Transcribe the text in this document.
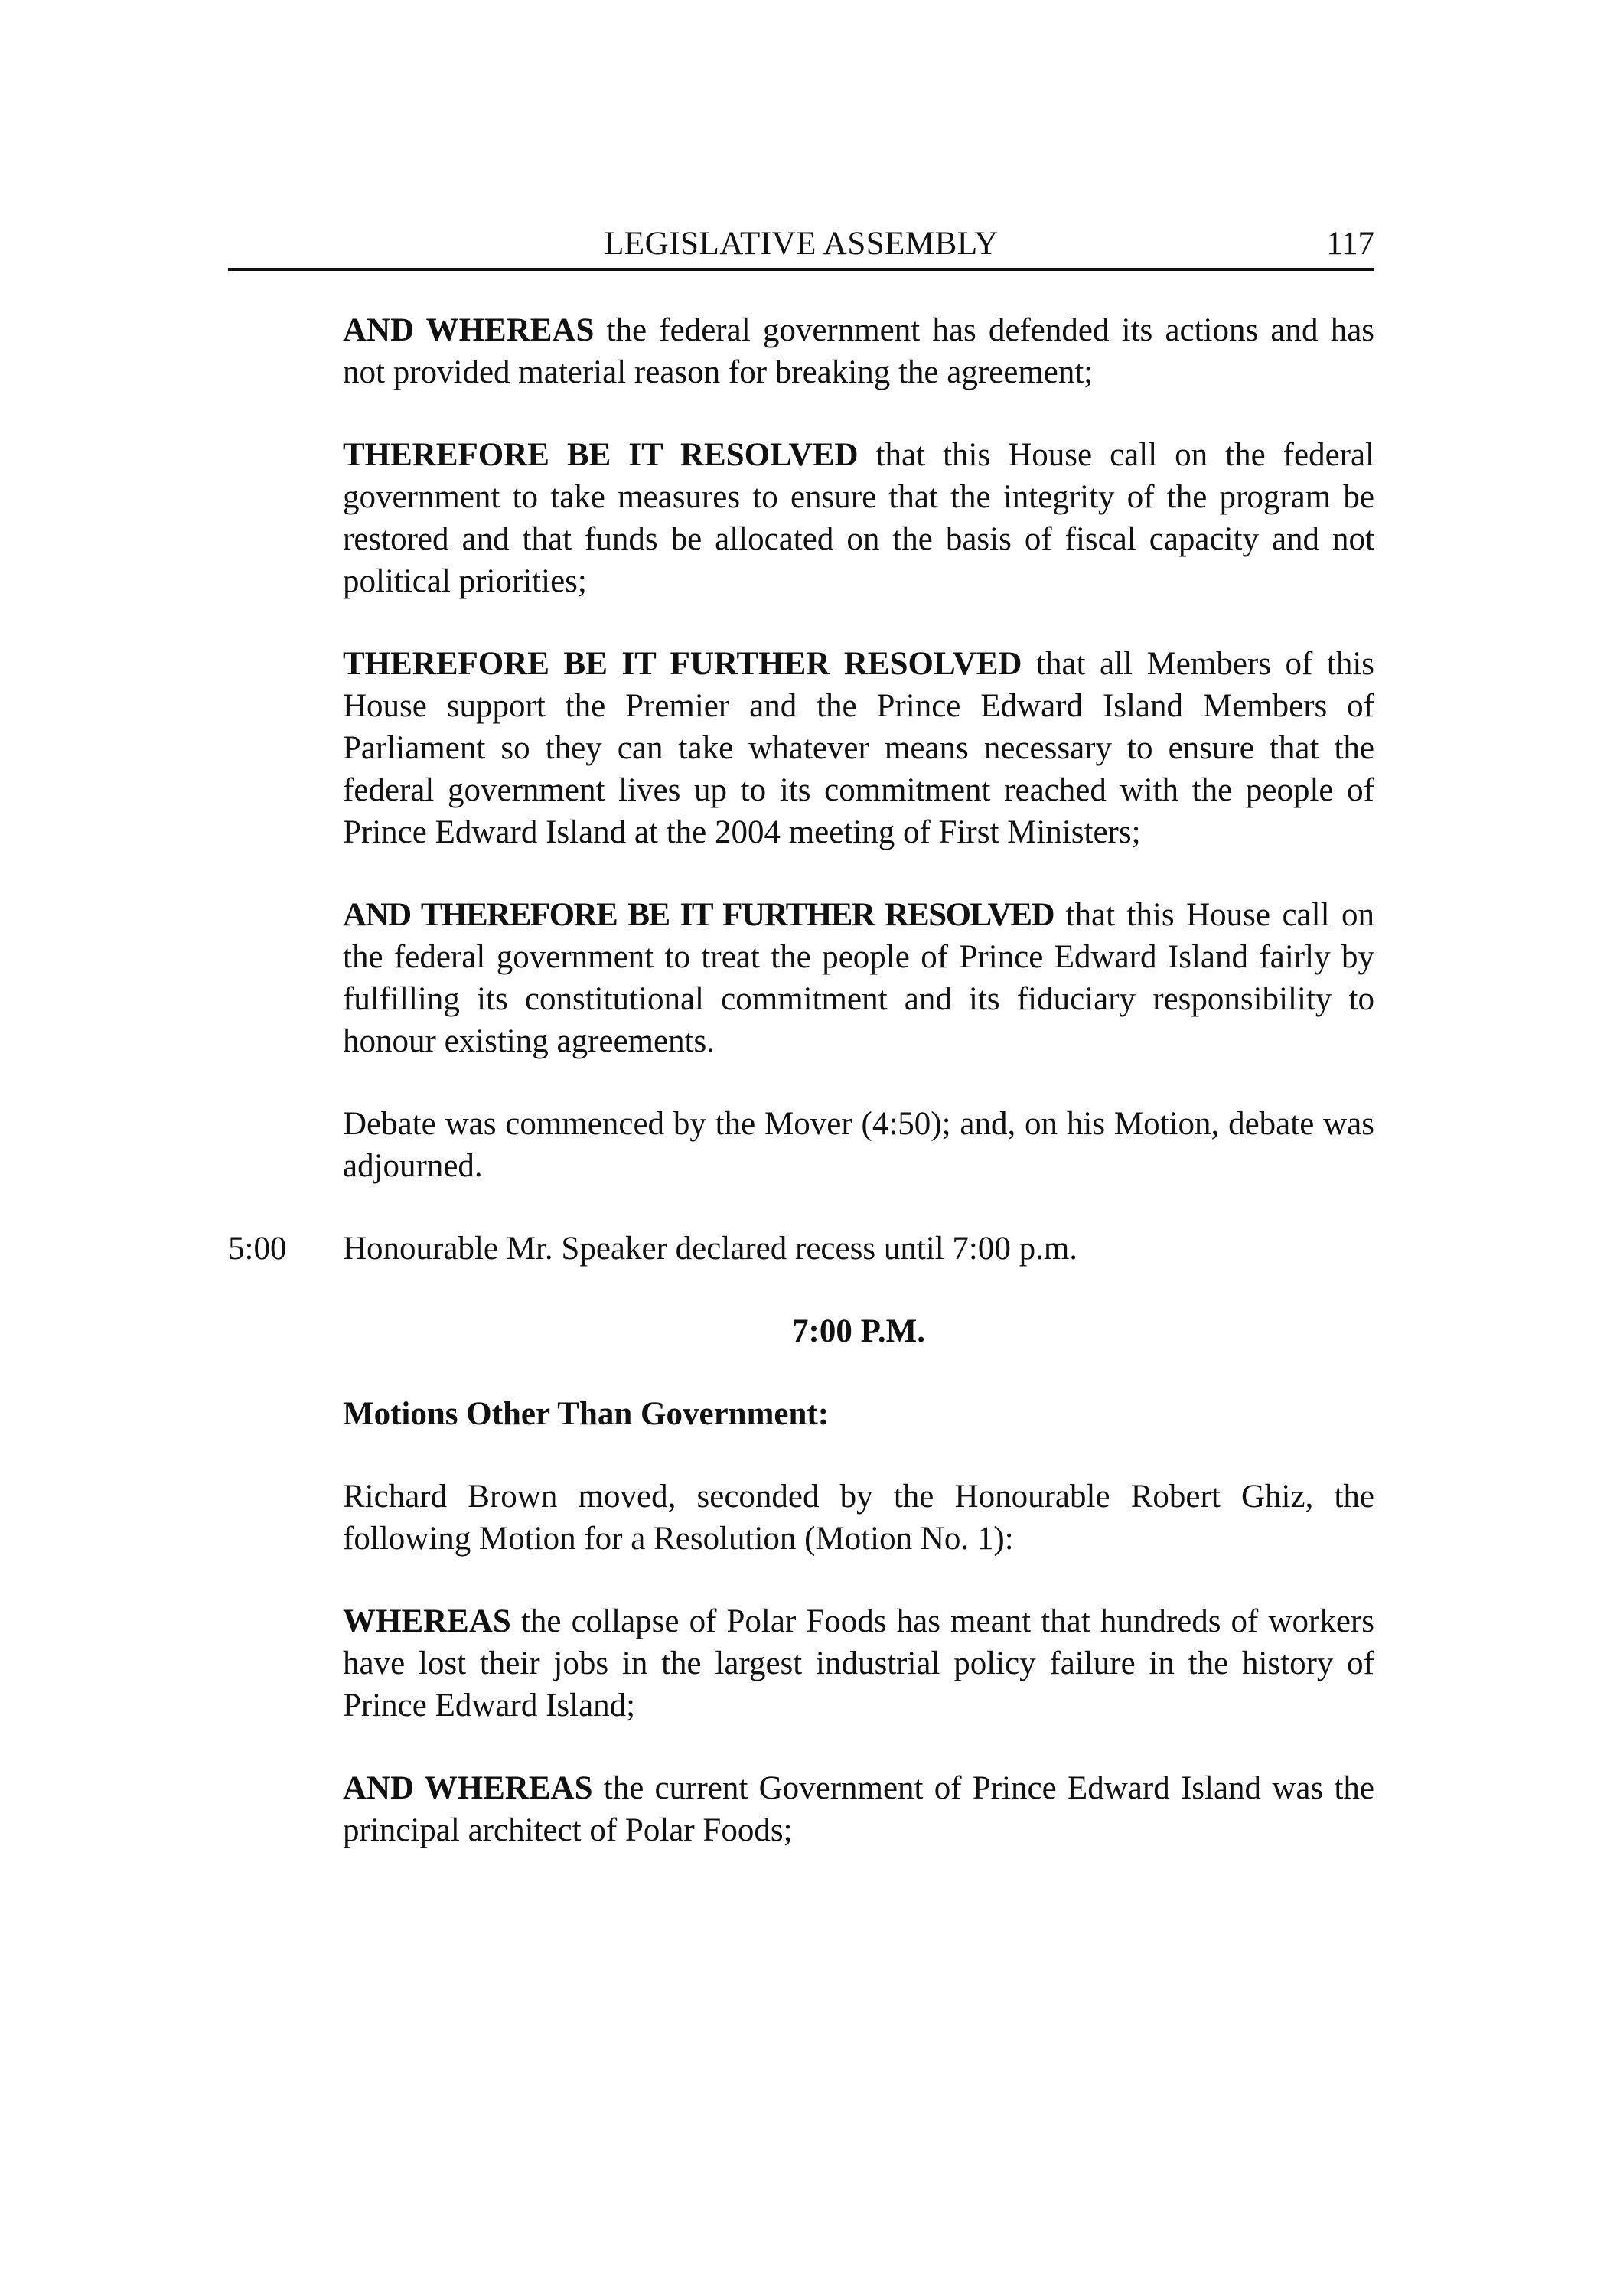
LEGISLATIVE ASSEMBLY	117

AND WHEREAS the federal government has defended its actions and has not provided material reason for breaking the agreement;

THEREFORE BE IT RESOLVED that this House call on the federal government to take measures to ensure that the integrity of the program be restored and that funds be allocated on the basis of fiscal capacity and not political priorities;

THEREFORE BE IT FURTHER RESOLVED that all Members of this House support the Premier and the Prince Edward Island Members of Parliament so they can take whatever means necessary to ensure that the federal government lives up to its commitment reached with the people of Prince Edward Island at the 2004 meeting of First Ministers;

AND THEREFORE BE IT FURTHER RESOLVED that this House call on the federal government to treat the people of Prince Edward Island fairly by fulfilling its constitutional commitment and its fiduciary responsibility to honour existing agreements.

Debate was commenced by the Mover (4:50); and, on his Motion, debate was adjourned.

5:00 Honourable Mr. Speaker declared recess until 7:00 p.m.

7:00 P.M.

Motions Other Than Government:

Richard Brown moved, seconded by the Honourable Robert Ghiz, the following Motion for a Resolution (Motion No. 1):

WHEREAS the collapse of Polar Foods has meant that hundreds of workers have lost their jobs in the largest industrial policy failure in the history of Prince Edward Island;

AND WHEREAS the current Government of Prince Edward Island was the principal architect of Polar Foods;
